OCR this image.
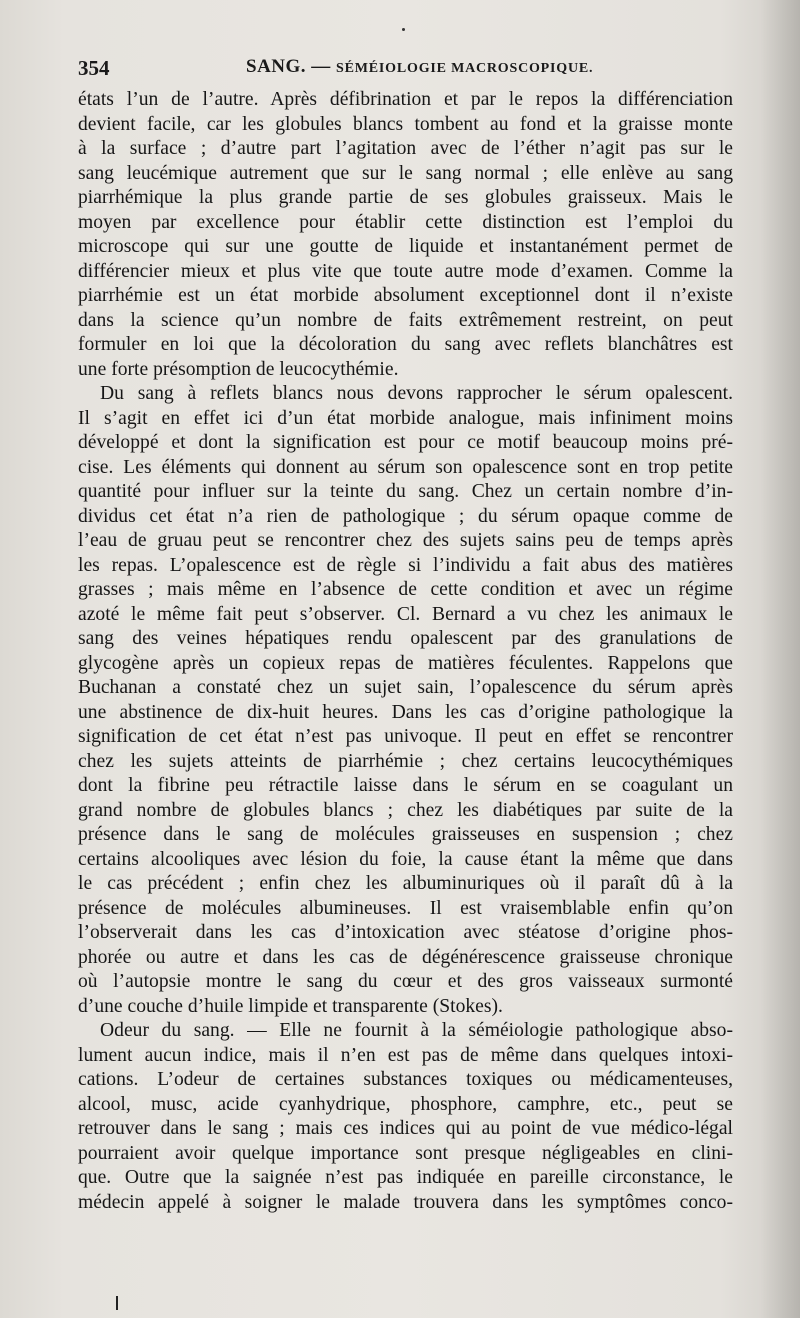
354	SANG. — SÉMÉIOLOGIE MACROSCOPIQUE.
états l’un de l’autre. Après défibrination et par le repos la différenciation
devient facile, car les globules blancs tombent au fond et la graisse monte
à la surface ; d’autre part l’agitation avec de l’éther n’agit pas sur le
sang leucémique autrement que sur le sang normal ; elle enlève au sang
piarrhémique la plus grande partie de ses globules graisseux. Mais le
moyen par excellence pour établir cette distinction est l’emploi du
microscope qui sur une goutte de liquide et instantanément permet de
différencier mieux et plus vite que toute autre mode d’examen. Comme la
piarrhémie est un état morbide absolument exceptionnel dont il n’existe
dans la science qu’un nombre de faits extrêmement restreint, on peut
formuler en loi que la décoloration du sang avec reflets blanchâtres est
une forte présomption de leucocythémie.
Du sang à reflets blancs nous devons rapprocher le sérum opalescent.
Il s’agit en effet ici d’un état morbide analogue, mais infiniment moins
développé et dont la signification est pour ce motif beaucoup moins pré-
cise. Les éléments qui donnent au sérum son opalescence sont en trop petite
quantité pour influer sur la teinte du sang. Chez un certain nombre d’in-
dividus cet état n’a rien de pathologique ; du sérum opaque comme de
l’eau de gruau peut se rencontrer chez des sujets sains peu de temps après
les repas. L’opalescence est de règle si l’individu a fait abus des matières
grasses ; mais même en l’absence de cette condition et avec un régime
azoté le même fait peut s’observer. Cl. Bernard a vu chez les animaux le
sang des veines hépatiques rendu opalescent par des granulations de
glycogène après un copieux repas de matières féculentes. Rappelons que
Buchanan a constaté chez un sujet sain, l’opalescence du sérum après
une abstinence de dix-huit heures. Dans les cas d’origine pathologique la
signification de cet état n’est pas univoque. Il peut en effet se rencontrer
chez les sujets atteints de piarrhémie ; chez certains leucocythémiques
dont la fibrine peu rétractile laisse dans le sérum en se coagulant un
grand nombre de globules blancs ; chez les diabétiques par suite de la
présence dans le sang de molécules graisseuses en suspension ; chez
certains alcooliques avec lésion du foie, la cause étant la même que dans
le cas précédent ; enfin chez les albuminuriques où il paraît dû à la
présence de molécules albumineuses. Il est vraisemblable enfin qu’on
l’observerait dans les cas d’intoxication avec stéatose d’origine phos-
phorée ou autre et dans les cas de dégénérescence graisseuse chronique
où l’autopsie montre le sang du cœur et des gros vaisseaux surmonté
d’une couche d’huile limpide et transparente (Stokes).
Odeur du sang. — Elle ne fournit à la séméiologie pathologique abso-
lument aucun indice, mais il n’en est pas de même dans quelques intoxi-
cations. L’odeur de certaines substances toxiques ou médicamenteuses,
alcool, musc, acide cyanhydrique, phosphore, camphre, etc., peut se
retrouver dans le sang ; mais ces indices qui au point de vue médico-légal
pourraient avoir quelque importance sont presque négligeables en clini-
que. Outre que la saignée n’est pas indiquée en pareille circonstance, le
médecin appelé à soigner le malade trouvera dans les symptômes conco-
